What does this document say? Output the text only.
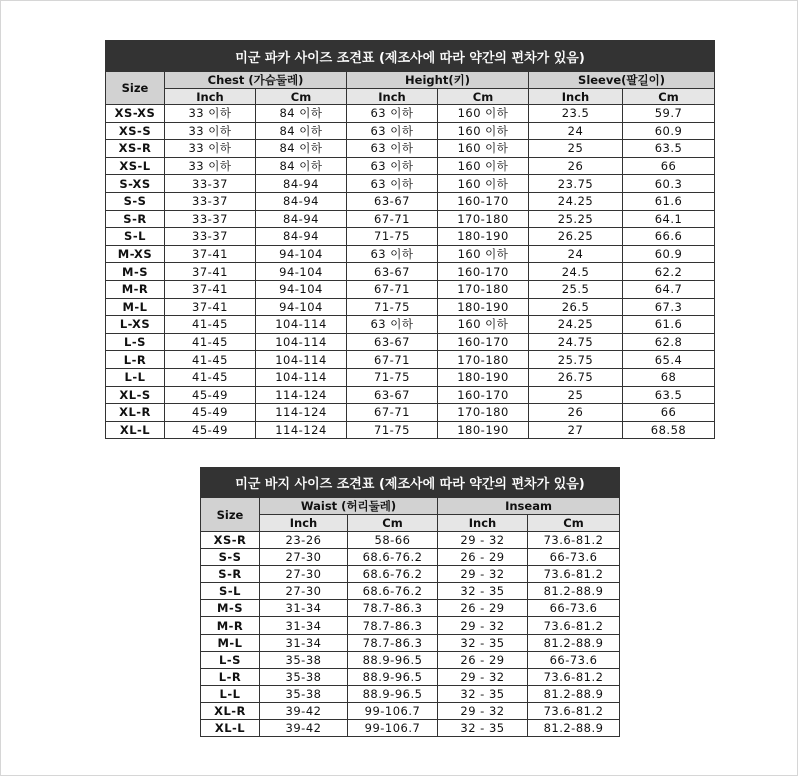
미군 파카 사이즈 조견표 (제조사에 따라 약간의 편차가 있음)						
Size	Chest (가슴둘레)		Height(키)		Sleeve(팔길이)	
	Inch	Cm	Inch	Cm	Inch	Cm
XS-XS	33 이하	84 이하	63 이하	160 이하	23.5	59.7
XS-S	33 이하	84 이하	63 이하	160 이하	24	60.9
XS-R	33 이하	84 이하	63 이하	160 이하	25	63.5
XS-L	33 이하	84 이하	63 이하	160 이하	26	66
S-XS	33-37	84-94	63 이하	160 이하	23.75	60.3
S-S	33-37	84-94	63-67	160-170	24.25	61.6
S-R	33-37	84-94	67-71	170-180	25.25	64.1
S-L	33-37	84-94	71-75	180-190	26.25	66.6
M-XS	37-41	94-104	63 이하	160 이하	24	60.9
M-S	37-41	94-104	63-67	160-170	24.5	62.2
M-R	37-41	94-104	67-71	170-180	25.5	64.7
M-L	37-41	94-104	71-75	180-190	26.5	67.3
L-XS	41-45	104-114	63 이하	160 이하	24.25	61.6
L-S	41-45	104-114	63-67	160-170	24.75	62.8
L-R	41-45	104-114	67-71	170-180	25.75	65.4
L-L	41-45	104-114	71-75	180-190	26.75	68
XL-S	45-49	114-124	63-67	160-170	25	63.5
XL-R	45-49	114-124	67-71	170-180	26	66
XL-L	45-49	114-124	71-75	180-190	27	68.58
미군 바지 사이즈 조견표 (제조사에 따라 약간의 편차가 있음)				
Size	Waist (허리둘레)		Inseam	
	Inch	Cm	Inch	Cm
XS-R	23-26	58-66	29 - 32	73.6-81.2
S-S	27-30	68.6-76.2	26 - 29	66-73.6
S-R	27-30	68.6-76.2	29 - 32	73.6-81.2
S-L	27-30	68.6-76.2	32 - 35	81.2-88.9
M-S	31-34	78.7-86.3	26 - 29	66-73.6
M-R	31-34	78.7-86.3	29 - 32	73.6-81.2
M-L	31-34	78.7-86.3	32 - 35	81.2-88.9
L-S	35-38	88.9-96.5	26 - 29	66-73.6
L-R	35-38	88.9-96.5	29 - 32	73.6-81.2
L-L	35-38	88.9-96.5	32 - 35	81.2-88.9
XL-R	39-42	99-106.7	29 - 32	73.6-81.2
XL-L	39-42	99-106.7	32 - 35	81.2-88.9
